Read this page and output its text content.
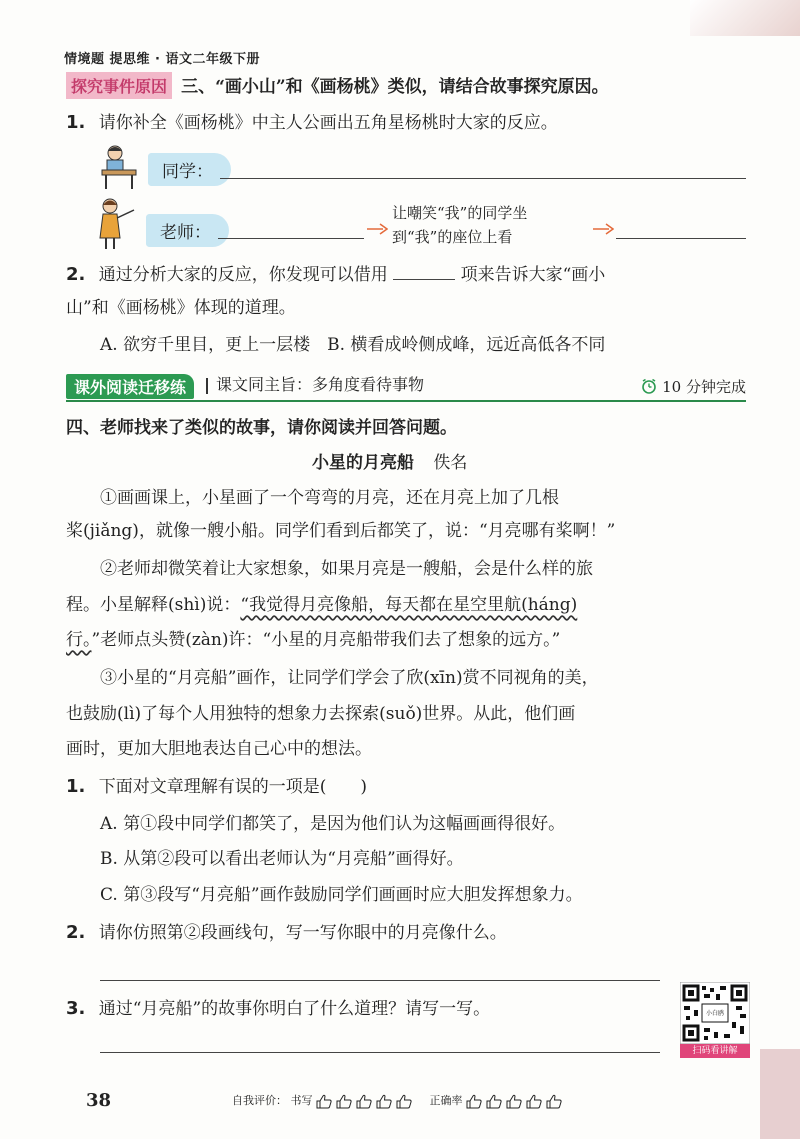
情境题 提思维 · 语文二年级下册
探究事件原因 三、“画小山”和《画杨桃》类似，请结合故事探究原因。
1. 请你补全《画杨桃》中主人公画出五角星杨桃时大家的反应。
同学：
老师：
让嘲笑“我”的同学坐
到“我”的座位上看
2. 通过分析大家的反应，你发现可以借用	项来告诉大家“画小
山”和《画杨桃》体现的道理。
A. 欲穷千里目，更上一层楼　B. 横看成岭侧成峰，远近高低各不同
课外阅读迁移练	课文同主旨：多角度看待事物	10 分钟完成
四、老师找来了类似的故事，请你阅读并回答问题。
小星的月亮船 佚名
①画画课上，小星画了一个弯弯的月亮，还在月亮上加了几根
桨(jiǎng)，就像一艘小船。同学们看到后都笑了，说：“月亮哪有桨啊！”
②老师却微笑着让大家想象，如果月亮是一艘船，会是什么样的旅
程。小星解释(shì)说：“我觉得月亮像船，每天都在星空里航(háng)
行。”老师点头赞(zàn)许：“小星的月亮船带我们去了想象的远方。”
③小星的“月亮船”画作，让同学们学会了欣(xīn)赏不同视角的美，
也鼓励(lì)了每个人用独特的想象力去探索(suǒ)世界。从此，他们画
画时，更加大胆地表达自己心中的想法。
1. 下面对文章理解有误的一项是(　　)
A. 第①段中同学们都笑了，是因为他们认为这幅画画得很好。
B. 从第②段可以看出老师认为“月亮船”画得好。
C. 第③段写“月亮船”画作鼓励同学们画画时应大胆发挥想象力。
2. 请你仿照第②段画线句，写一写你眼中的月亮像什么。
3. 通过“月亮船”的故事你明白了什么道理？请写一写。	小白鸥
扫码看讲解
38	自我评价： 书写	正确率
